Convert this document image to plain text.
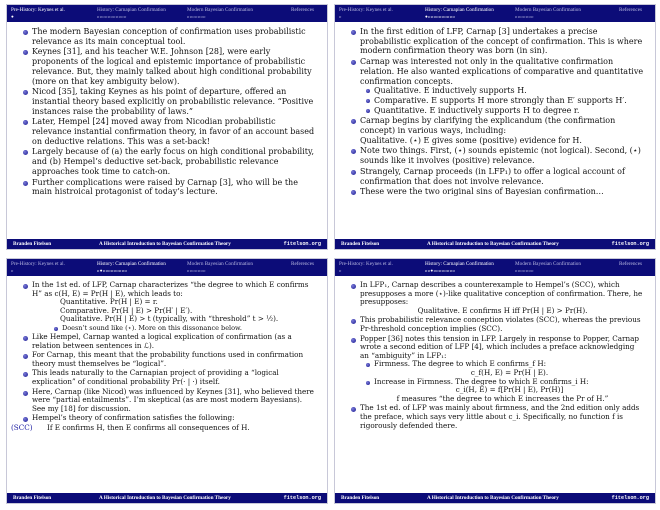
Pre-History: Keynes et al.	History: Carnapian Confirmation	Modern Bayesian Confirmation	References
●	ooooooooooo	ooooooo
The modern Bayesian conception of confirmation uses probabilistic relevance as its main conceptual tool.
Keynes [31], and his teacher W.E. Johnson [28], were early proponents of the logical and epistemic importance of probabilistic relevance. But, they mainly talked about high conditional probability (more on that key ambiguity below).
Nicod [35], taking Keynes as his point of departure, offered an instantial theory based explicitly on probabilistic relevance. “Positive instances raise the probability of laws.”
Later, Hempel [24] moved away from Nicodian probabilistic relevance instantial confirmation theory, in favor of an account based on deductive relations. This was a set-back!
Largely because of (a) the early focus on high conditional probability, and (b) Hempel’s deductive set-back, probabilistic relevance approaches took time to catch-on.
Further complications were raised by Carnap [3], who will be the main histroical protagonist of today’s lecture.
Branden Fitelson	A Historical Introduction to Bayesian Confirmation Theory	fitelson.org
Pre-History: Keynes et al.	History: Carnapian Confirmation	Modern Bayesian Confirmation	References
o	●oooooooooo	ooooooo
In the first edition of LFP, Carnap [3] undertakes a precise probabilistic explication of the concept of confirmation. This is where modern confirmation theory was born (in sin).
Carnap was interested not only in the qualitative confirmation relation. He also wanted explications of comparative and quantitative confirmation concepts.
Qualitative. E inductively supports H.
Comparative. E supports H more strongly than E′ supports H′.
Quantitative. E inductively supports H to degree r.
Carnap begins by clarifying the explicandum (the confirmation concept) in various ways, including:
Qualitative. (⋆) E gives some (positive) evidence for H.
Note two things. First, (⋆) sounds epistemic (not logical). Second, (⋆) sounds like it involves (positive) relevance.
Strangely, Carnap proceeds (in LFP₁) to offer a logical account of confirmation that does not involve relevance.
These were the two original sins of Bayesian confirmation…
Branden Fitelson	A Historical Introduction to Bayesian Confirmation Theory	fitelson.org
Pre-History: Keynes et al.	History: Carnapian Confirmation	Modern Bayesian Confirmation	References
o	o●ooooooooo	ooooooo
In the 1st ed. of LFP, Carnap characterizes “the degree to which E confirms H” as c(H, E) = Pr(H | E), which leads to:
Quantitative. Pr(H | E) = r.
Comparative. Pr(H | E) > Pr(H′ | E′).
Qualitative. Pr(H | E) > t (typically, with “threshold” t > ½).
Doesn’t sound like (⋆). More on this dissonance below.
Like Hempel, Carnap wanted a logical explication of confirmation (as a relation between sentences in ℒ).
For Carnap, this meant that the probability functions used in confirmation theory must themselves be “logical”.
This leads naturally to the Carnapian project of providing a “logical explication” of conditional probability Pr(· | ·) itself.
Here, Carnap (like Nicod) was influenced by Keynes [31], who believed there were “partial entailments”. I’m skeptical (as are most modern Bayesians). See my [18] for discussion.
Hempel’s theory of confirmation satisfies the following:
(SCC) If E confirms H, then E confirms all consequences of H.
Branden Fitelson	A Historical Introduction to Bayesian Confirmation Theory	fitelson.org
Pre-History: Keynes et al.	History: Carnapian Confirmation	Modern Bayesian Confirmation	References
o	oo●oooooooo	ooooooo
In LFP₁, Carnap describes a counterexample to Hempel’s (SCC), which presupposes a more (⋆)-like qualitative conception of confirmation. There, he presupposes:
Qualitative. E confirms H iff Pr(H | E) > Pr(H).
This probabilistic relevance conception violates (SCC), whereas the previous Pr-threshold conception implies (SCC).
Popper [36] notes this tension in LFP. Largely in response to Popper, Carnap wrote a second edition of LFP [4], which includes a preface acknowledging an “ambiguity” in LFP₁:
Firmness. The degree to which E confirms_f H:
c_f(H, E) = Pr(H | E).
Increase in Firmness. The degree to which E confirms_i H:
c_i(H, E) = f[Pr(H | E), Pr(H)]
f measures “the degree to which E increases the Pr of H.”
The 1st ed. of LFP was mainly about firmness, and the 2nd edition only adds the preface, which says very little about c_i. Specifically, no function f is rigorously defended there.
Branden Fitelson	A Historical Introduction to Bayesian Confirmation Theory	fitelson.org
